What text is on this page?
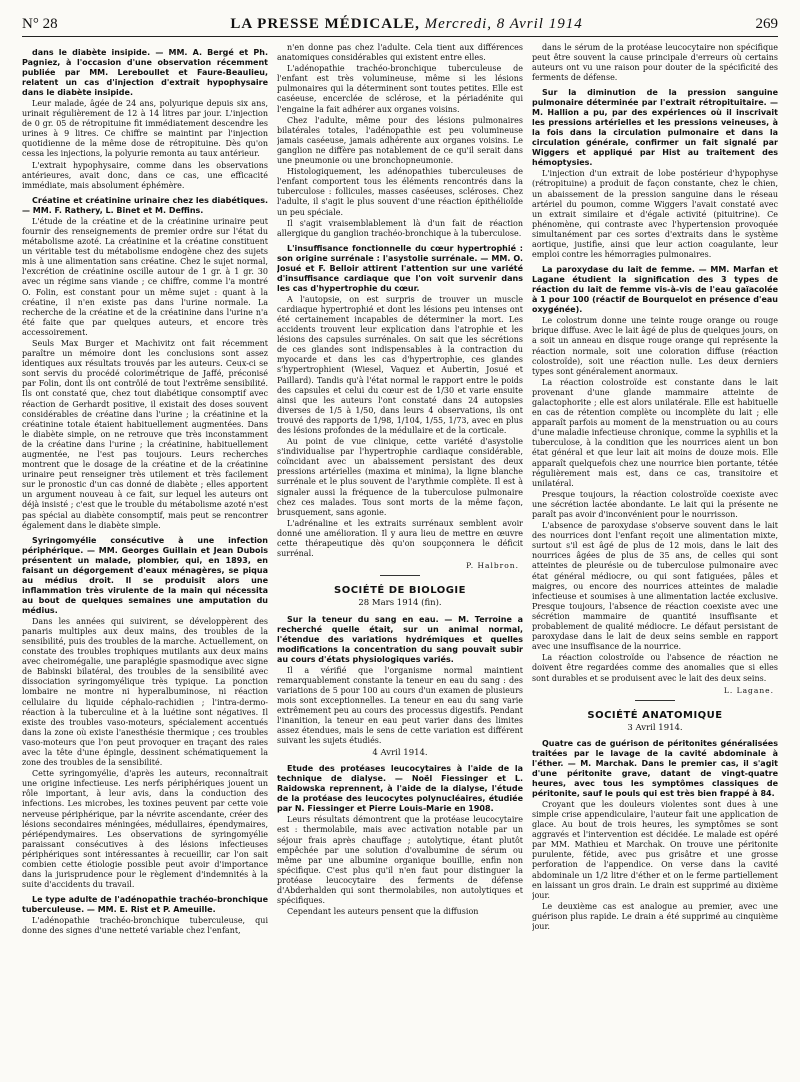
N° 28	LA PRESSE MÉDICALE, Mercredi, 8 Avril 1914	269
dans le diabète insipide. — MM. A. Bergé et Ph. Pagniez, à l'occasion d'une observation récemment publiée par MM. Lereboullet et Faure-Beaulieu, relatent un cas d'injection d'extrait hypophysaire dans le diabète insipide.

Leur malade, âgée de 24 ans, polyurique depuis six ans, urinait régulièrement de 12 à 14 litres par jour. L'injection de 0 gr. 05 de rétropituine fit immédiatement descendre les urines à 9 litres. Ce chiffre se maintint par l'injection quotidienne de la même dose de rétropituine. Dès qu'on cessa les injections, la polyurie remonta au taux antérieur.

L'extrait hypophysaire, comme dans les observations antérieures, avait donc, dans ce cas, une efficacité immédiate, mais absolument éphémère.

Créatine et créatinine urinaire chez les diabétiques. — MM. F. Rathery, L. Binet et M. Deffins.

L'étude de la créatine et de la créatinine urinaire peut fournir des renseignements de premier ordre sur l'état du métabolisme azoté. La créatinine et la créatine constituent un véritable test du métabolisme endogène chez des sujets mis à une alimentation sans créatine. Chez le sujet normal, l'excrétion de créatinine oscille autour de 1 gr. à 1 gr. 30 avec un régime sans viande ; ce chiffre, comme l'a montré O. Folin, est constant pour un même sujet : quant à la créatine, il n'en existe pas dans l'urine normale. La recherche de la créatine et de la créatinine dans l'urine n'a été faite que par quelques auteurs, et encore très accessoirement.

Seuls Max Burger et Machivitz ont fait récemment paraître un mémoire dont les conclusions sont assez identiques aux résultats trouvés par les auteurs. Ceux-ci se sont servis du procédé colorimétrique de Jaffé, préconisé par Folin, dont ils ont contrôlé de tout l'extrême sensibilité. Ils ont constaté que, chez tout diabétique consomptif avec réaction de Gerhardt positive, il existait des doses souvent considérables de créatine dans l'urine ; la créatinine et la créatinine totale étaient habituellement augmentées. Dans le diabète simple, on ne retrouve que très inconstamment de la créatine dans l'urine ; la créatinine, habituellement augmentée, ne l'est pas toujours. Leurs recherches montrent que le dosage de la créatine et de la créatinine urinaire peut renseigner très utilement et très facilement sur le pronostic d'un cas donné de diabète ; elles apportent un argument nouveau à ce fait, sur lequel les auteurs ont déjà insisté ; c'est que le trouble du métabolisme azoté n'est pas spécial au diabète consomptif, mais peut se rencontrer également dans le diabète simple.

Syringomyélie consécutive à une infection périphérique. — MM. Georges Guillain et Jean Dubois présentent un malade, plombier, qui, en 1893, en faisant un dégorgement d'eaux ménagères, se piqua au médius droit. Il se produisit alors une inflammation très virulente de la main qui nécessita au bout de quelques semaines une amputation du médius.

Dans les années qui suivirent, se développèrent des panaris multiples aux deux mains, des troubles de la sensibilité, puis des troubles de la marche. Actuellement, on constate des troubles trophiques mutilants aux deux mains avec cheiromégalie, une paraplégie spasmodique avec signe de Babinski bilatéral, des troubles de la sensibilité avec dissociation syringomyélique très typique. La ponction lombaire ne montre ni hyperalbuminose, ni réaction cellulaire du liquide céphalo-rachidien ; l'intra-dermo-réaction à la tuberculine et à la luétine sont négatives. Il existe des troubles vaso-moteurs, spécialement accentués dans la zone où existe l'anesthésie thermique ; ces troubles vaso-moteurs que l'on peut provoquer en traçant des raies avec la tête d'une épingle, dessinent schématiquement la zone des troubles de la sensibilité.

Cette syringomyélie, d'après les auteurs, reconnaîtrait une origine infectieuse. Les nerfs périphériques jouent un rôle important, à leur avis, dans la conduction des infections. Les microbes, les toxines peuvent par cette voie nerveuse périphérique, par la névrite ascendante, créer des lésions secondaires méningées, médullaires, épendymaires, périépendymaires. Les observations de syringomyélie paraissant consécutives à des lésions infectieuses périphériques sont intéressantes à recueillir, car l'on sait combien cette étiologie possible peut avoir d'importance dans la jurisprudence pour le règlement d'indemnités à la suite d'accidents du travail.

Le type adulte de l'adénopathie trachéo-bronchique tuberculeuse. — MM. E. Rist et P. Ameuille.

L'adénopathie trachéo-bronchique tuberculeuse, qui donne des signes d'une netteté variable chez l'enfant,

n'en donne pas chez l'adulte. Cela tient aux différences anatomiques considérables qui existent entre elles.

L'adénopathie trachéo-bronchique tuberculeuse de l'enfant est très volumineuse, même si les lésions pulmonaires qui la déterminent sont toutes petites. Elle est caséeuse, encerclée de sclérose, et la périadénite qui l'engaine la fait adhérer aux organes voisins.

Chez l'adulte, même pour des lésions pulmonaires bilatérales totales, l'adénopathie est peu volumineuse jamais caséeuse, jamais adhérente aux organes voisins. Le ganglion ne diffère pas notablement de ce qu'il serait dans une pneumonie ou une bronchopneumonie.

Histologiquement, les adénopathies tuberculeuses de l'enfant comportent tous les éléments rencontrés dans la tuberculose : follicules, masses caséeuses, scléroses. Chez l'adulte, il s'agit le plus souvent d'une réaction épithélioïde un peu spéciale.

Il s'agit vraisemblablement là d'un fait de réaction allergique du ganglion trachéo-bronchique à la tuberculose.

L'insuffisance fonctionnelle du cœur hypertrophié : son origine surrénale : l'asystolie surrénale. — MM. O. Josué et F. Belloir attirent l'attention sur une variété d'insuffisance cardiaque que l'on voit survenir dans les cas d'hypertrophie du cœur.

A l'autopsie, on est surpris de trouver un muscle cardiaque hypertrophié et dont les lésions peu intenses ont été certainement incapables de déterminer la mort. Les accidents trouvent leur explication dans l'atrophie et les lésions des capsules surrénales. On sait que les sécrétions de ces glandes sont indispensables à la contraction du myocarde et dans les cas d'hypertrophie, ces glandes s'hypertrophient (Wiesel, Vaquez et Aubertin, Josué et Paillard). Tandis qu'à l'état normal le rapport entre le poids des capsules et celui du cœur est de 1/30 et varie ensuite ainsi que les auteurs l'ont constaté dans 24 autopsies diverses de 1/5 à 1/50, dans leurs 4 observations, ils ont trouvé des rapports de 1/98, 1/104, 1/55, 1/73, avec en plus des lésions profondes de la médullaire et de la corticale.

Au point de vue clinique, cette variété d'asystolie s'individualise par l'hypertrophie cardiaque considérable, coïncidant avec un abaissement persistant des deux pressions artérielles (maxima et minima), la ligne blanche surrénale et le plus souvent de l'arythmie complète. Il est à signaler aussi la fréquence de la tuberculose pulmonaire chez ces malades. Tous sont morts de la même façon, brusquement, sans agonie.

L'adrénaline et les extraits surrénaux semblent avoir donné une amélioration. Il y aura lieu de mettre en œuvre cette thérapeutique dès qu'on soupçonnera le déficit surrénal.

P. Halbron.
SOCIÉTÉ DE BIOLOGIE
28 Mars 1914 (fin).
Sur la teneur du sang en eau. — M. Terroine a recherché quelle était, sur un animal normal, l'étendue des variations hydrémiques et quelles modifications la concentration du sang pouvait subir au cours d'états physiologiques variés.

Il a vérifié que l'organisme normal maintient remarquablement constante la teneur en eau du sang : des variations de 5 pour 100 au cours d'un examen de plusieurs mois sont exceptionnelles. La teneur en eau du sang varie extrêmement peu au cours des processus digestifs. Pendant l'inanition, la teneur en eau peut varier dans des limites assez étendues, mais le sens de cette variation est différent suivant les sujets étudiés.

4 Avril 1914.
Etude des protéases leucocytaires à l'aide de la technique de dialyse. — Noël Fiessinger et L. Raidowska reprennent, à l'aide de la dialyse, l'étude de la protéase des leucocytes polynucléaires, étudiée par N. Fiessinger et Pierre Louis-Marie en 1908.

Leurs résultats démontrent que la protéase leucocytaire est : thermolabile, mais avec activation notable par un séjour frais après chauffage ; autolytique, étant plutôt empêchée par une solution d'ovalbumine de sérum ou même par une albumine organique bouillie, enfin non spécifique. C'est plus qu'il n'en faut pour distinguer la protéase leucocytaire des ferments de défense d'Abderhalden qui sont thermolabiles, non autolytiques et spécifiques.

Cependant les auteurs pensent que la diffusion

dans le sérum de la protéase leucocytaire non spécifique peut être souvent la cause principale d'erreurs où certains auteurs ont vu une raison pour douter de la spécificité des ferments de défense.

Sur la diminution de la pression sanguine pulmonaire déterminée par l'extrait rétropituitaire. — M. Hallion a pu, par des expériences où il inscrivait les pressions artérielles et les pressions veineuses, à la fois dans la circulation pulmonaire et dans la circulation générale, confirmer un fait signalé par Wiggers et appliqué par Hist au traitement des hémoptysies.

L'injection d'un extrait de lobe postérieur d'hypophyse (rétropituine) a produit de façon constante, chez le chien, un abaissement de la pression sanguine dans le réseau artériel du poumon, comme Wiggers l'avait constaté avec un extrait similaire et d'égale activité (pituitrine). Ce phénomène, qui contraste avec l'hypertension provoquée simultanément par ces sortes d'extraits dans le système aortique, justifie, ainsi que leur action coagulante, leur emploi contre les hémorragies pulmonaires.

La paroxydase du lait de femme. — MM. Marfan et Lagane étudient la signification des 3 types de réaction du lait de femme vis-à-vis de l'eau gaïacolée à 1 pour 100 (réactif de Bourquelot en présence d'eau oxygénée).

Le colostrum donne une teinte rouge orange ou rouge brique diffuse. Avec le lait âgé de plus de quelques jours, on a soit un anneau en disque rouge orange qui représente la réaction normale, soit une coloration diffuse (réaction colostroïde), soit une réaction nulle. Les deux derniers types sont généralement anormaux.

La réaction colostroïde est constante dans le lait provenant d'une glande mammaire atteinte de galactophorite ; elle est alors unilatérale. Elle est habituelle en cas de rétention complète ou incomplète du lait ; elle apparaît parfois au moment de la menstruation ou au cours d'une maladie infectieuse chronique, comme la syphilis et la tuberculose, à la condition que les nourrices aient un bon état général et que leur lait ait moins de douze mois. Elle apparaît quelquefois chez une nourrice bien portante, tétée régulièrement mais est, dans ce cas, transitoire et unilatéral.

Presque toujours, la réaction colostroïde coexiste avec une sécrétion lactée abondante. Le lait qui la présente ne paraît pas avoir d'inconvénient pour le nourrisson.

L'absence de paroxydase s'observe souvent dans le lait des nourrices dont l'enfant reçoit une alimentation mixte, surtout s'il est âgé de plus de 12 mois, dans le lait des nourrices âgées de plus de 35 ans, de celles qui sont atteintes de pleurésie ou de tuberculose pulmonaire avec état général médiocre, ou qui sont fatiguées, pâles et maigres, ou encore des nourrices atteintes de maladie infectieuse et soumises à une alimentation lactée exclusive. Presque toujours, l'absence de réaction coexiste avec une sécrétion mammaire de quantité insuffisante et probablement de qualité médiocre. Le défaut persistant de paroxydase dans le lait de deux seins semble en rapport avec une insuffisance de la nourrice.

La réaction colostroïde ou l'absence de réaction ne doivent être regardées comme des anomalies que si elles sont durables et se produisent avec le lait des deux seins.

L. Lagane.
SOCIÉTÉ ANATOMIQUE
3 Avril 1914.
Quatre cas de guérison de péritonites généralisées traitées par le lavage de la cavité abdominale à l'éther. — M. Marchak. Dans le premier cas, il s'agit d'une péritonite grave, datant de vingt-quatre heures, avec tous les symptômes classiques de péritonite, sauf le pouls qui est très bien frappé à 84.

Croyant que les douleurs violentes sont dues à une simple crise appendiculaire, l'auteur fait une application de glace. Au bout de trois heures, les symptômes se sont aggravés et l'intervention est décidée. Le malade est opéré par MM. Mathieu et Marchak. On trouve une péritonite purulente, fétide, avec pus grisâtre et une grosse perforation de l'appendice. On verse dans la cavité abdominale un 1/2 litre d'éther et on le ferme partiellement en laissant un gros drain. Le drain est supprimé au dixième jour.

Le deuxième cas est analogue au premier, avec une guérison plus rapide. Le drain a été supprimé au cinquième jour.
